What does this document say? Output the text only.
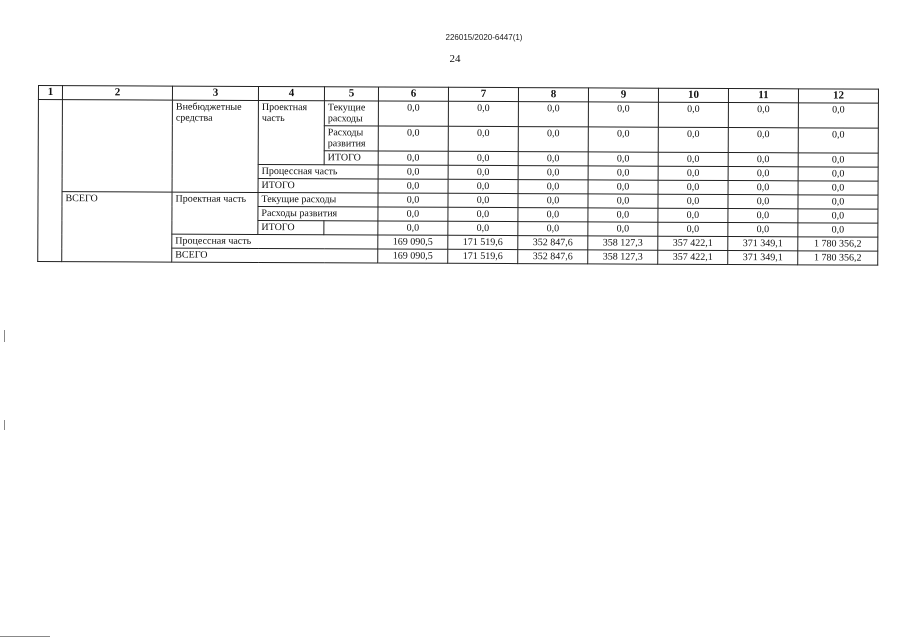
226015/2020-6447(1)
24
1	2	3	4	5	6	7	8	9	10	11	12
		Внебюджетные средства	Проектная часть	Текущие расходы	0,0	0,0	0,0	0,0	0,0	0,0	0,0
				Расходы развития	0,0	0,0	0,0	0,0	0,0	0,0	0,0
				ИТОГО	0,0	0,0	0,0	0,0	0,0	0,0	0,0
			Процессная часть		0,0	0,0	0,0	0,0	0,0	0,0	0,0
			ИТОГО		0,0	0,0	0,0	0,0	0,0	0,0	0,0
	ВСЕГО	Проектная часть	Текущие расходы		0,0	0,0	0,0	0,0	0,0	0,0	0,0
			Расходы развития		0,0	0,0	0,0	0,0	0,0	0,0	0,0
			ИТОГО		0,0	0,0	0,0	0,0	0,0	0,0	0,0
		Процессная часть			169 090,5	171 519,6	352 847,6	358 127,3	357 422,1	371 349,1	1 780 356,2
		ВСЕГО			169 090,5	171 519,6	352 847,6	358 127,3	357 422,1	371 349,1	1 780 356,2
